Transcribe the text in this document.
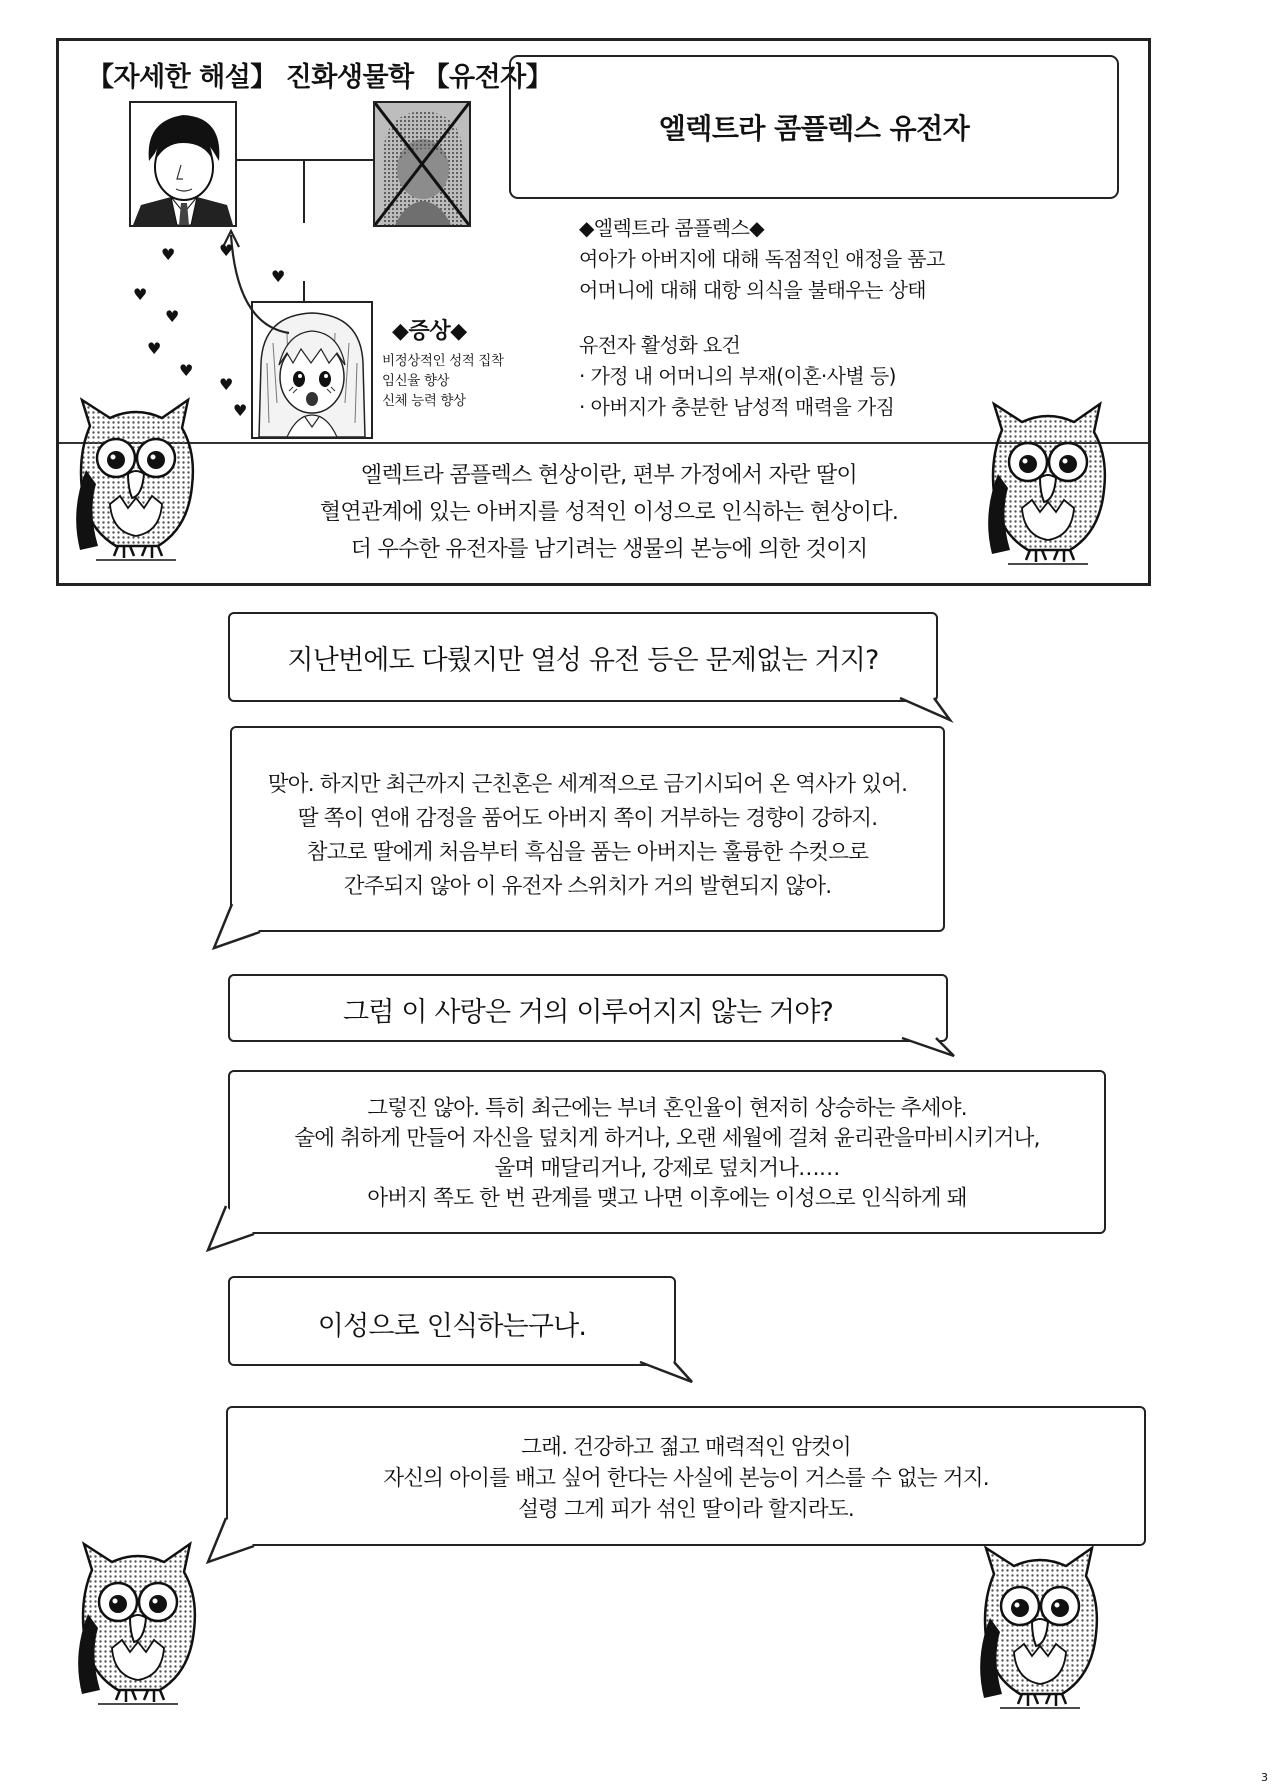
【자세한 해설】 진화생물학 【유전자】
♥	♥
♥
♥
♥
♥
♥
♥
♥
◆증상◆
비정상적인 성적 집착
임신율 향상
신체 능력 향상
엘렉트라 콤플렉스 유전자
◆엘렉트라 콤플렉스◆
여아가 아버지에 대해 독점적인 애정을 품고
어머니에 대해 대항 의식을 불태우는 상태
유전자 활성화 요건
· 가정 내 어머니의 부재(이혼·사별 등)
· 아버지가 충분한 남성적 매력을 가짐
엘렉트라 콤플렉스 현상이란, 편부 가정에서 자란 딸이
혈연관계에 있는 아버지를 성적인 이성으로 인식하는 현상이다.
더 우수한 유전자를 남기려는 생물의 본능에 의한 것이지
지난번에도 다뤘지만 열성 유전 등은 문제없는 거지?
맞아. 하지만 최근까지 근친혼은 세계적으로 금기시되어 온 역사가 있어.
딸 쪽이 연애 감정을 품어도 아버지 쪽이 거부하는 경향이 강하지.
참고로 딸에게 처음부터 흑심을 품는 아버지는 훌륭한 수컷으로
간주되지 않아 이 유전자 스위치가 거의 발현되지 않아.
그럼 이 사랑은 거의 이루어지지 않는 거야?
그렇진 않아. 특히 최근에는 부녀 혼인율이 현저히 상승하는 추세야.
술에 취하게 만들어 자신을 덮치게 하거나, 오랜 세월에 걸쳐 윤리관을마비시키거나,
울며 매달리거나, 강제로 덮치거나……
아버지 쪽도 한 번 관계를 맺고 나면 이후에는 이성으로 인식하게 돼
이성으로 인식하는구나.
그래. 건강하고 젊고 매력적인 암컷이
자신의 아이를 배고 싶어 한다는 사실에 본능이 거스를 수 없는 거지.
설령 그게 피가 섞인 딸이라 할지라도.
3
